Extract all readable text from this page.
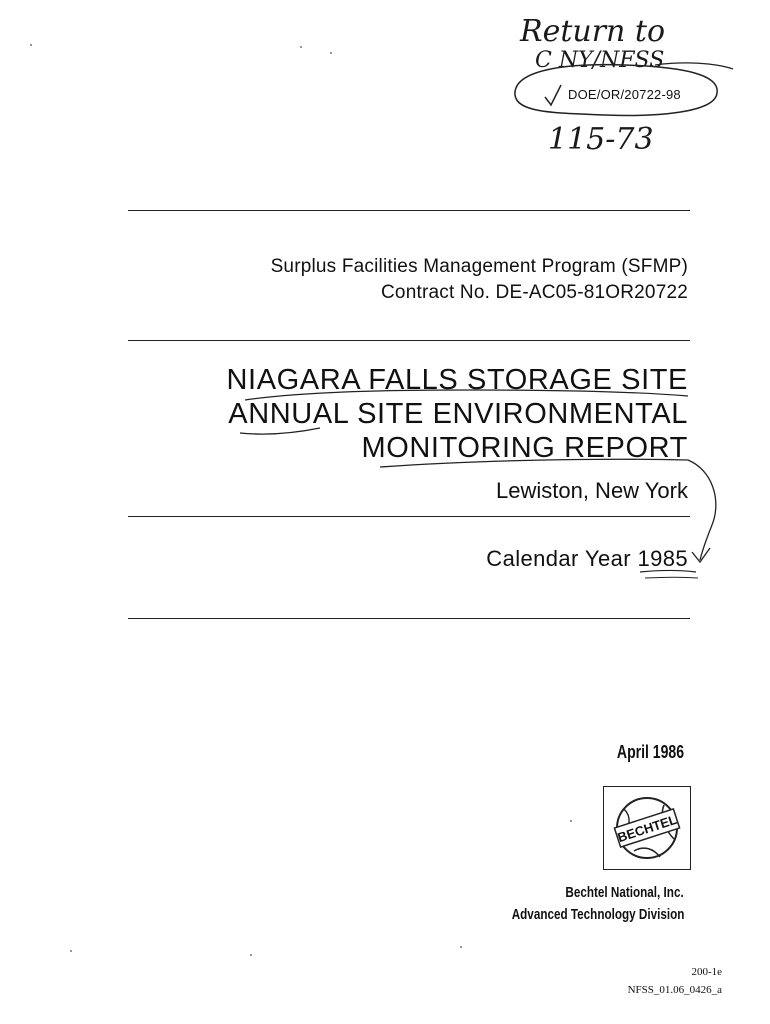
Return to
C NY/NFSS
DOE/OR/20722-98
115-73
Surplus Facilities Management Program (SFMP)
Contract No. DE-AC05-81OR20722
NIAGARA FALLS STORAGE SITE
ANNUAL SITE ENVIRONMENTAL
MONITORING REPORT
Lewiston, New York
Calendar Year 1985
April 1986
BECHTEL
Bechtel National, Inc.
Advanced Technology Division
200-1e
NFSS_01.06_0426_a
